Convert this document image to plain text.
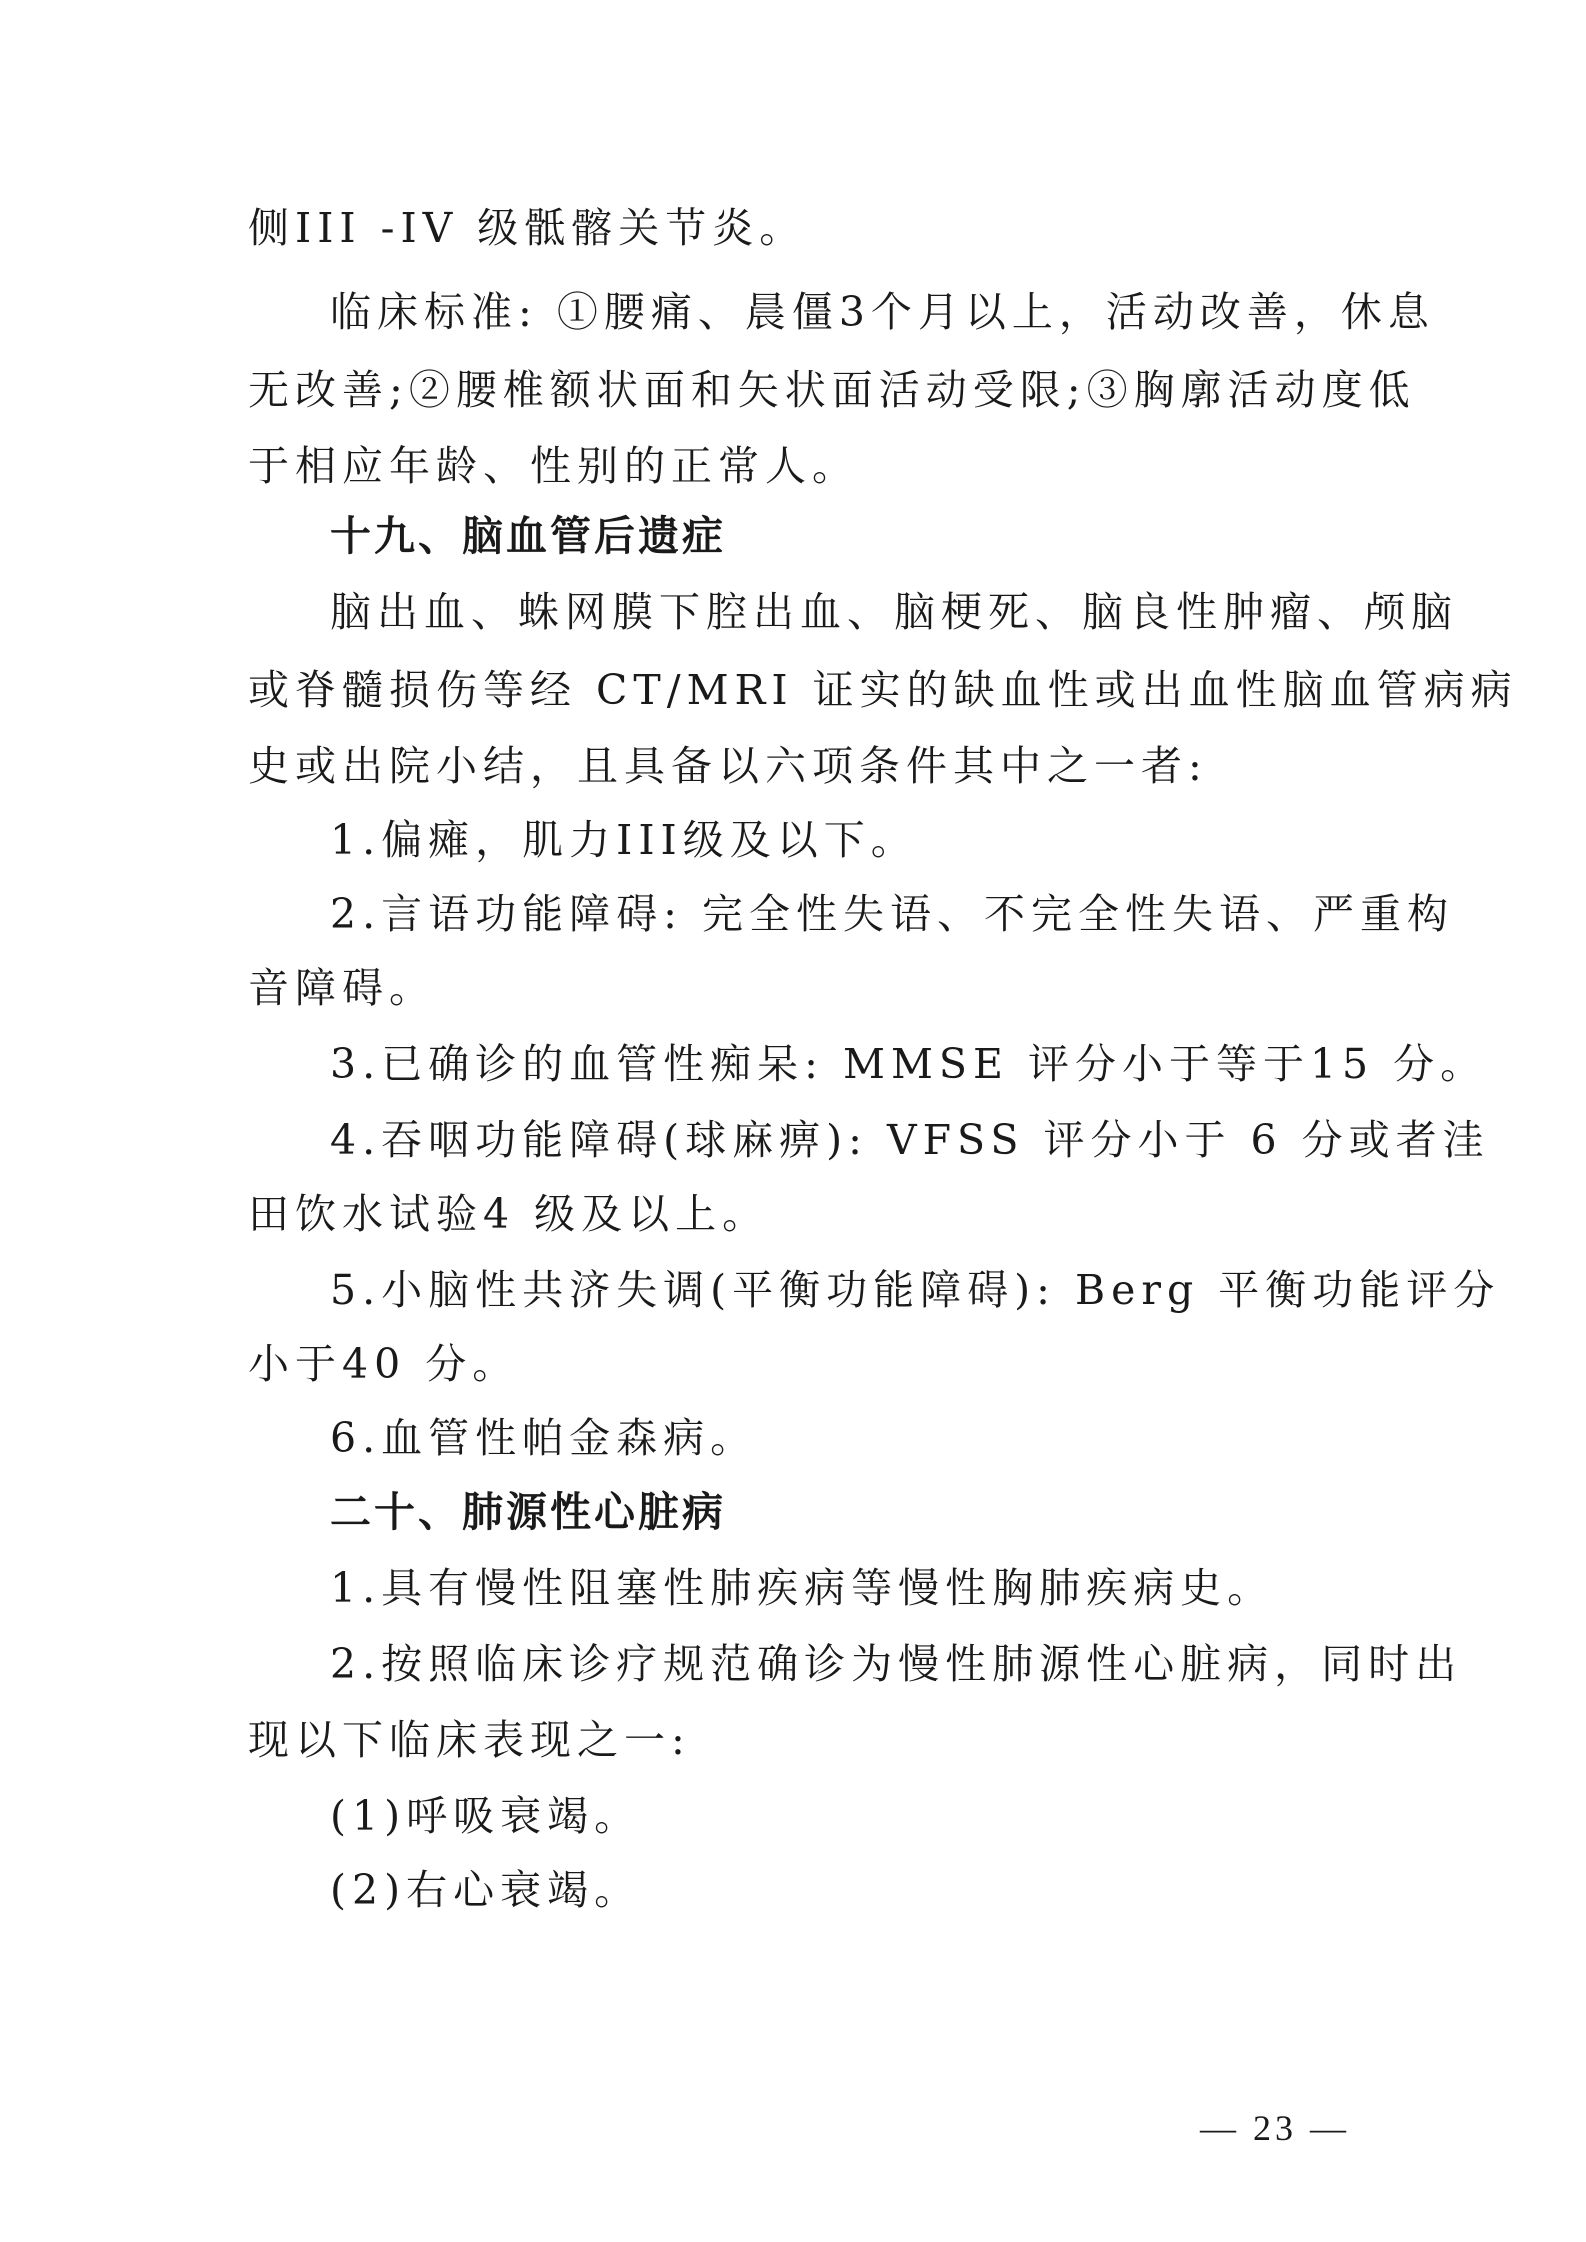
侧III -IV 级骶髂关节炎。
临床标准: ①腰痛、晨僵3个月以上，活动改善，休息
无改善;②腰椎额状面和矢状面活动受限;③胸廓活动度低
于相应年龄、性别的正常人。
十九、脑血管后遗症
脑出血、蛛网膜下腔出血、脑梗死、脑良性肿瘤、颅脑
或脊髓损伤等经 CT/MRI 证实的缺血性或出血性脑血管病病
史或出院小结，且具备以六项条件其中之一者:
1.偏瘫，肌力III级及以下。
2.言语功能障碍: 完全性失语、不完全性失语、严重构
音障碍。
3.已确诊的血管性痴呆: MMSE 评分小于等于15 分。
4.吞咽功能障碍(球麻痹): VFSS 评分小于 6 分或者洼
田饮水试验4 级及以上。
5.小脑性共济失调(平衡功能障碍): Berg 平衡功能评分
小于40 分。
6.血管性帕金森病。
二十、肺源性心脏病
1.具有慢性阻塞性肺疾病等慢性胸肺疾病史。
2.按照临床诊疗规范确诊为慢性肺源性心脏病，同时出
现以下临床表现之一:
(1)呼吸衰竭。
(2)右心衰竭。
— 23 —
